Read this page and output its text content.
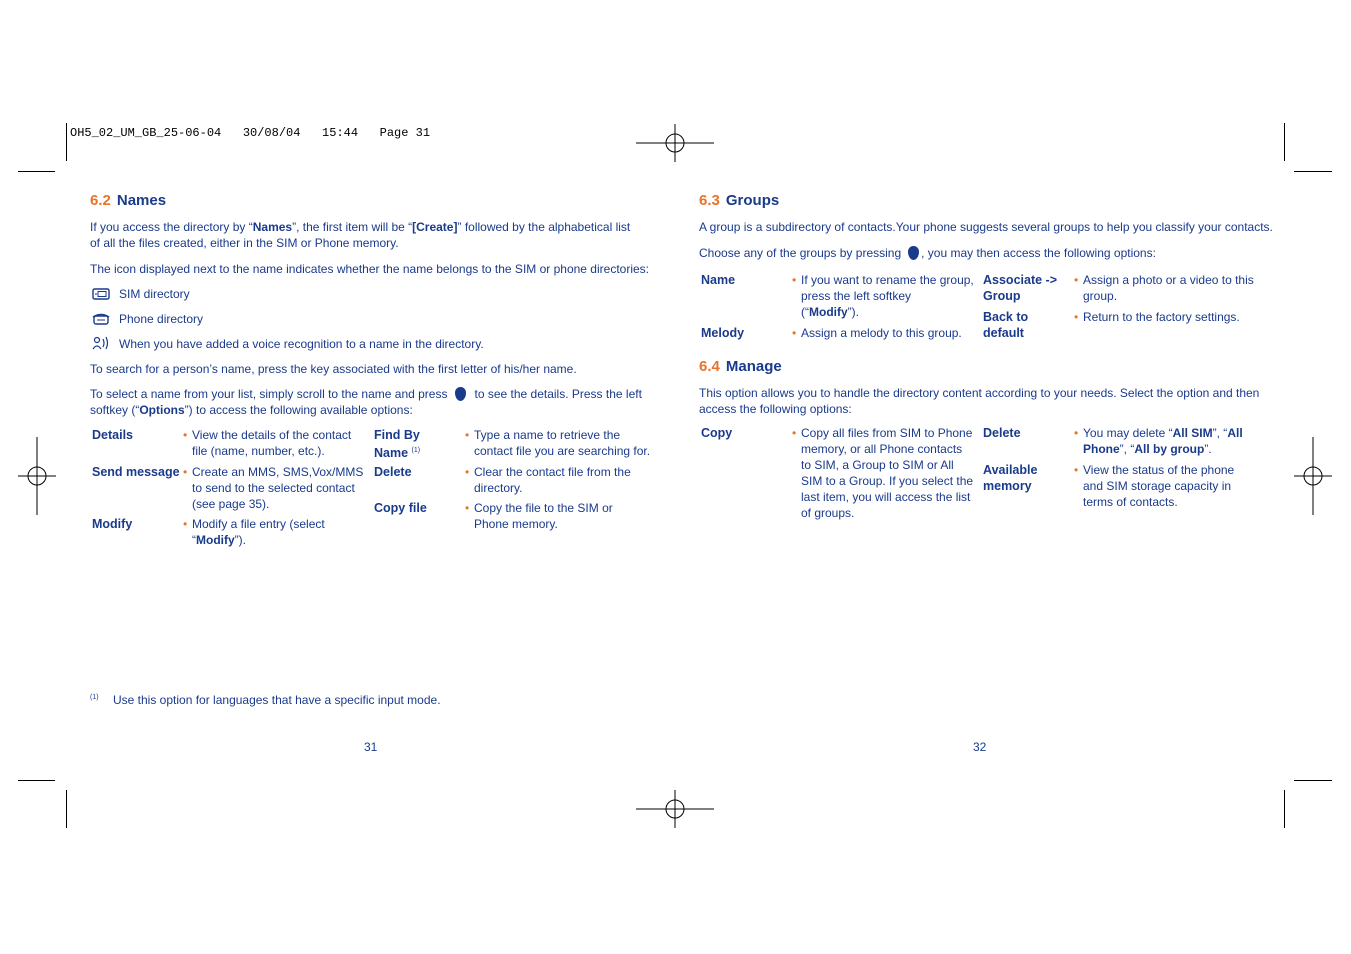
OH5_02_UM_GB_25-06-04   30/08/04   15:44   Page 31
6.2 Names

If you access the directory by “Names”, the first item will be “[Create]” followed by the alphabetical list
of all the files created, either in the SIM or Phone memory.

The icon displayed next to the name indicates whether the name belongs to the SIM or phone directories:

SIM directory

Phone directory

When you have added a voice recognition to a name in the directory.

To search for a person’s name, press the key associated with the first letter of his/her name.

To select a name from your list, simply scroll to the name and press to see the details. Press the left
softkey (“Options”) to access the following available options:

Details	• View the details of the contact
file (name, number, etc.).
Send message • Create an MMS, SMS,Vox/MMS
to send to the selected contact
(see page 35).
Modify	• Modify a file entry (select
“Modify”).
Find By
Name $^{(1)}$
• Type a name to retrieve the
contact file you are searching for.
Delete	• Clear the contact file from the
directory.
Copy file	• Copy the file to the SIM or
Phone memory.
(1) Use this option for languages that have a specific input mode.

31
6.3 Groups

A group is a subdirectory of contacts.Your phone suggests several groups to help you classify your contacts.

Choose any of the groups by pressing , you may then access the following options:

Name	• If you want to rename the group,
press the left softkey
(“Modify”).
Melody	• Assign a melody to this group.
Associate ->
Group
• Assign a photo or a video to this
group.
Back to
default
• Return to the factory settings.
6.4 Manage

This option allows you to handle the directory content according to your needs. Select the option and then
access the following options:

Copy	• Copy all files from SIM to Phone
memory, or all Phone contacts
to SIM, a Group to SIM or All
SIM to a Group. If you select the
last item, you will access the list
of groups.
Delete	• You may delete “All SIM”, “All
Phone”, “All by group”.
Available
memory
• View the status of the phone
and SIM storage capacity in
terms of contacts.
32
